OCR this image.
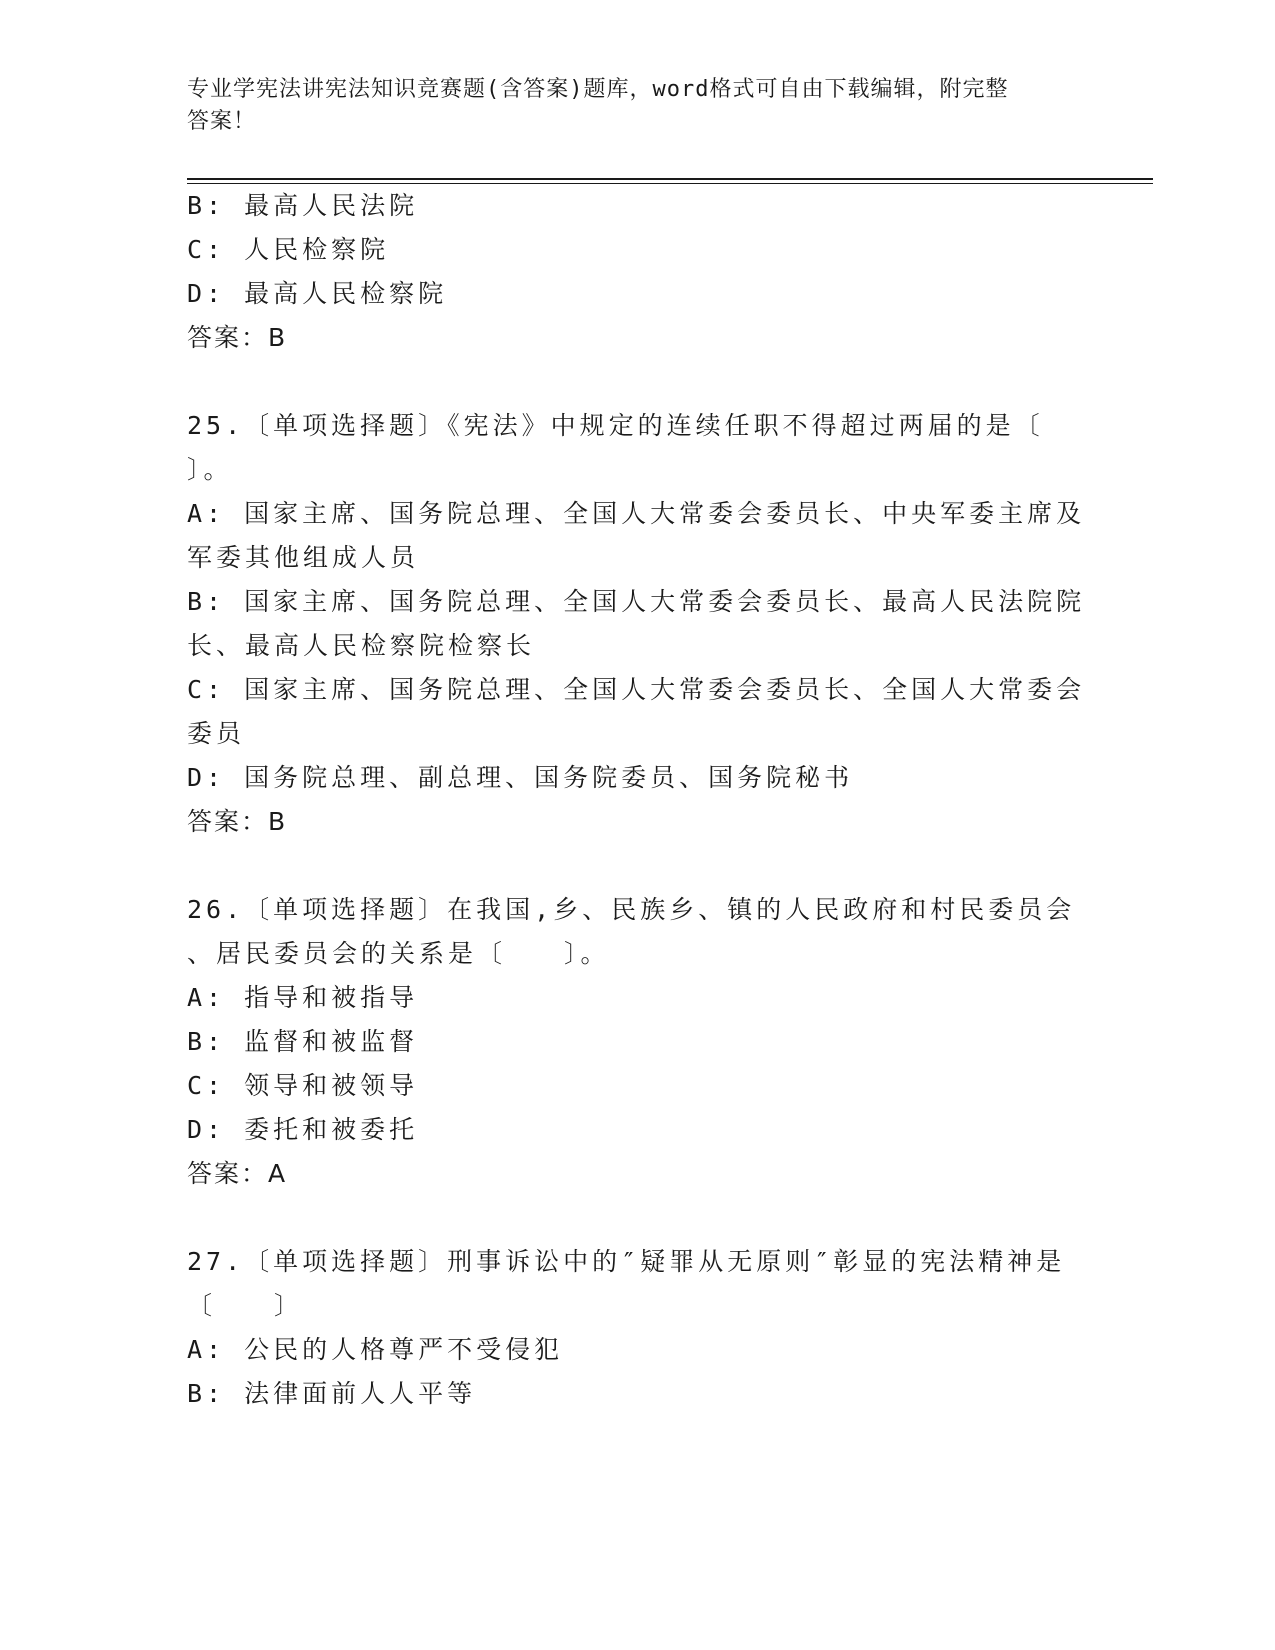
专业学宪法讲宪法知识竞赛题(含答案)题库，word格式可自由下载编辑，附完整
答案！
B: 最高人民法院
C: 人民检察院
D: 最高人民检察院
答案：B
25.〔单项选择题〕《宪法》中规定的连续任职不得超过两届的是〔
〕。
A: 国家主席、国务院总理、全国人大常委会委员长、中央军委主席及
军委其他组成人员
B: 国家主席、国务院总理、全国人大常委会委员长、最高人民法院院
长、最高人民检察院检察长
C: 国家主席、国务院总理、全国人大常委会委员长、全国人大常委会
委员
D: 国务院总理、副总理、国务院委员、国务院秘书
答案：B
26.〔单项选择题〕在我国,乡、民族乡、镇的人民政府和村民委员会
、居民委员会的关系是〔　　〕。
A: 指导和被指导
B: 监督和被监督
C: 领导和被领导
D: 委托和被委托
答案：A
27.〔单项选择题〕刑事诉讼中的″疑罪从无原则″彰显的宪法精神是
〔　　〕
A: 公民的人格尊严不受侵犯
B: 法律面前人人平等
